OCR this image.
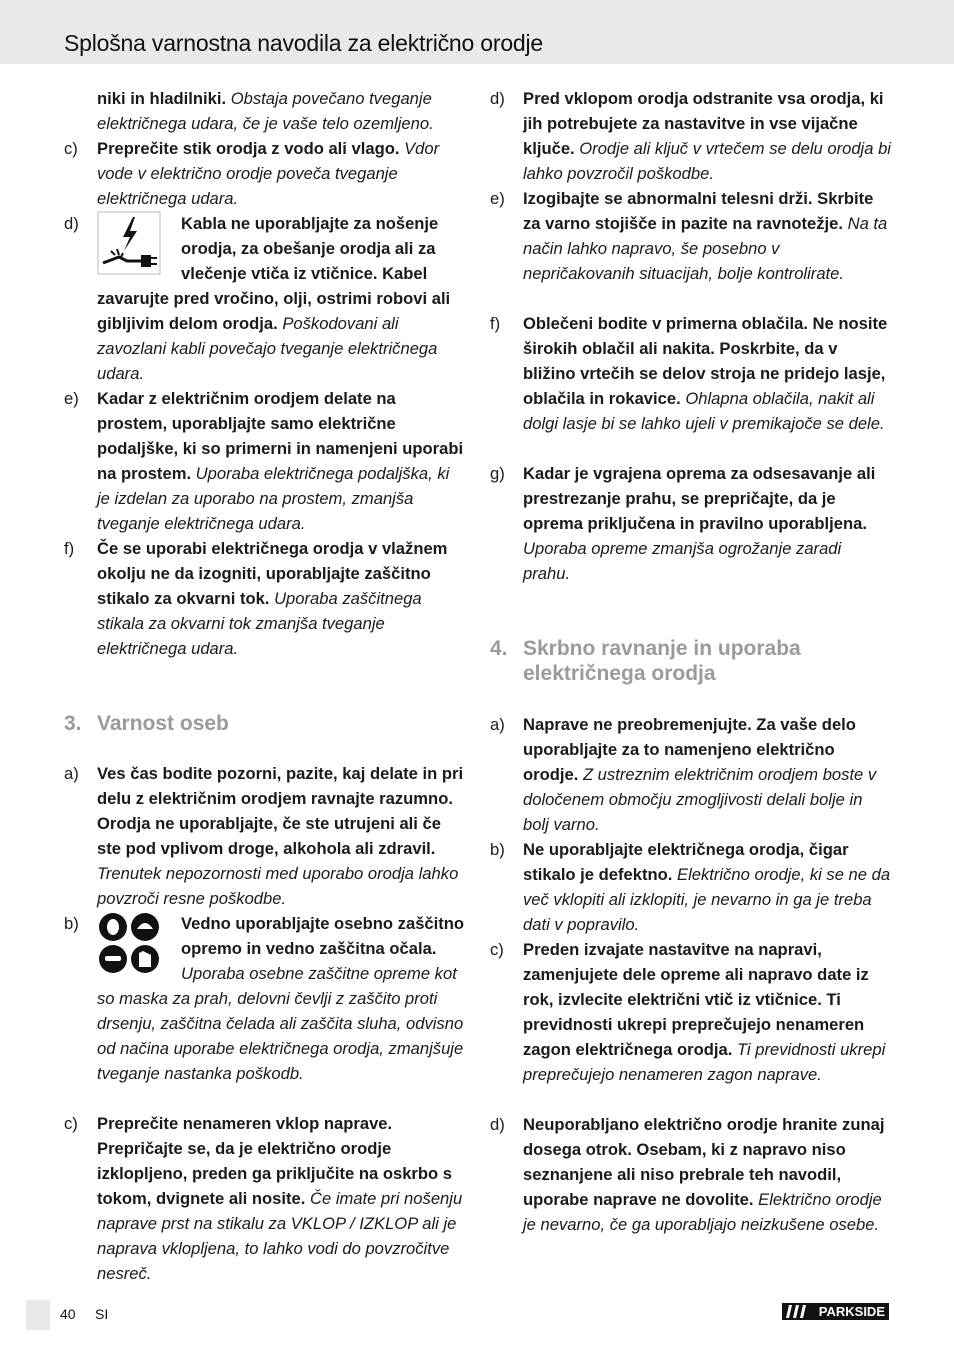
Splošna varnostna navodila za električno orodje
niki in hladilniki. Obstaja povečano tveganje električnega udara, če je vaše telo ozemljeno.
c) Preprečite stik orodja z vodo ali vlago. Vdor vode v električno orodje poveča tveganje električnega udara.
d)	Kabla ne uporabljajte za nošenje orodja, za obešanje orodja ali za vlečenje vtiča iz vtičnice. Kabel zavarujte pred vročino, olji, ostrimi robovi ali gibljivim delom orodja. Poškodovani ali zavozlani kabli povečajo tveganje električnega udara.
e) Kadar z električnim orodjem delate na prostem, uporabljajte samo električne podaljške, ki so primerni in namenjeni uporabi na prostem. Uporaba električnega podaljška, ki je izdelan za uporabo na prostem, zmanjša tveganje električnega udara.
f) Če se uporabi električnega orodja v vlažnem okolju ne da izogniti, uporabljajte zaščitno stikalo za okvarni tok. Uporaba zaščitnega stikala za okvarni tok zmanjša tveganje električnega udara.
3. Varnost oseb
a) Ves čas bodite pozorni, pazite, kaj delate in pri delu z električnim orodjem ravnajte razumno. Orodja ne uporabljajte, če ste utrujeni ali če ste pod vplivom droge, alkohola ali zdravil. Trenutek nepozornosti med uporabo orodja lahko povzroči resne poškodbe.
b)	Vedno uporabljajte osebno zaščitno opremo in vedno zaščitna očala. Uporaba osebne zaščitne opreme kot so maska za prah, delovni čevlji z zaščito proti drsenju, zaščitna čelada ali zaščita sluha, odvisno od načina uporabe električnega orodja, zmanjšuje tveganje nastanka poškodb.
c) Preprečite nenameren vklop naprave. Prepričajte se, da je električno orodje izklopljeno, preden ga priključite na oskrbo s tokom, dvignete ali nosite. Če imate pri nošenju naprave prst na stikalu za VKLOP / IZKLOP ali je naprava vklopljena, to lahko vodi do povzročitve nesreč.
d) Pred vklopom orodja odstranite vsa orodja, ki jih potrebujete za nastavitve in vse vijačne ključe. Orodje ali ključ v vrtečem se delu orodja bi lahko povzročil poškodbe.
e) Izogibajte se abnormalni telesni drži. Skrbite za varno stojišče in pazite na ravnotežje. Na ta način lahko napravo, še posebno v nepričakovanih situacijah, bolje kontrolirate.
f) Oblečeni bodite v primerna oblačila. Ne nosite širokih oblačil ali nakita. Poskrbite, da v bližino vrtečih se delov stroja ne pridejo lasje, oblačila in rokavice. Ohlapna oblačila, nakit ali dolgi lasje bi se lahko ujeli v premikajoče se dele.
g) Kadar je vgrajena oprema za odsesavanje ali prestrezanje prahu, se prepričajte, da je oprema priključena in pravilno uporabljena. Uporaba opreme zmanjša ogrožanje zaradi prahu.
4. Skrbno ravnanje in uporaba električnega orodja
a) Naprave ne preobremenjujte. Za vaše delo uporabljajte za to namenjeno električno orodje. Z ustreznim električnim orodjem boste v določenem območju zmogljivosti delali bolje in bolj varno.
b) Ne uporabljajte električnega orodja, čigar stikalo je defektno. Električno orodje, ki se ne da več vklopiti ali izklopiti, je nevarno in ga je treba dati v popravilo.
c) Preden izvajate nastavitve na napravi, zamenjujete dele opreme ali napravo date iz rok, izvlecite električni vtič iz vtičnice. Ti previdnosti ukrepi preprečujejo nenameren zagon električnega orodja. Ti previdnosti ukrepi preprečujejo nenameren zagon naprave.
d) Neuporabljano električno orodje hranite zunaj dosega otrok. Osebam, ki z napravo niso seznanjene ali niso prebrale teh navodil, uporabe naprave ne dovolite. Električno orodje je nevarno, če ga uporabljajo neizkušene osebe.
40 SI	PARKSIDE
